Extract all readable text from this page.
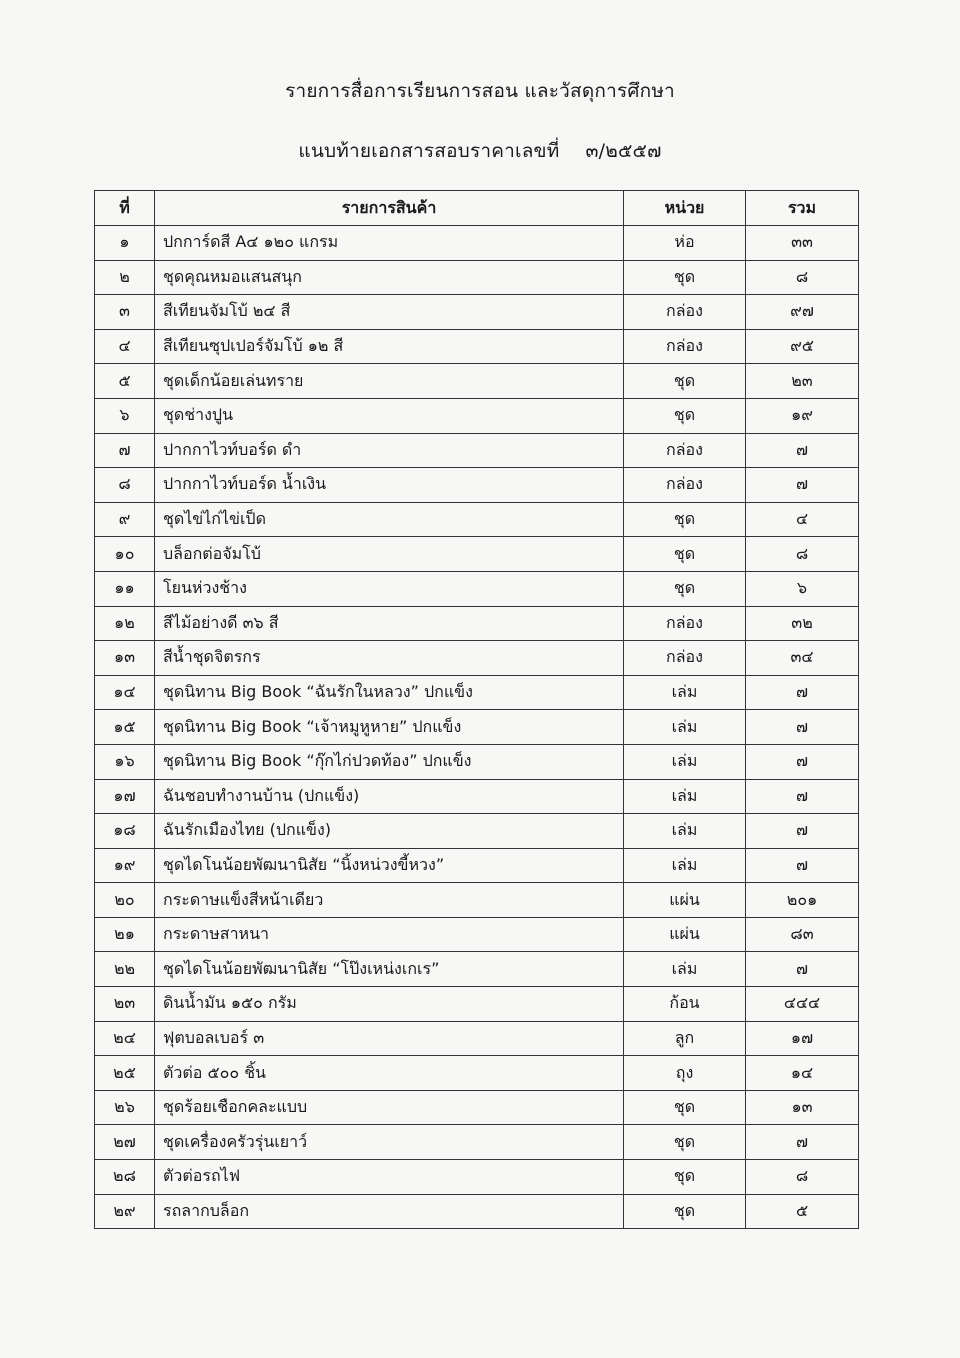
รายการสื่อการเรียนการสอน และวัสดุการศึกษา
แนบท้ายเอกสารสอบราคาเลขที่ ๓/๒๕๕๗
ที่	รายการสินค้า	หน่วย	รวม
๑	ปกการ์ดสี A๔ ๑๒๐ แกรม	ห่อ	๓๓
๒	ชุดคุณหมอแสนสนุก	ชุด	๘
๓	สีเทียนจัมโบ้ ๒๔ สี	กล่อง	๙๗
๔	สีเทียนซุปเปอร์จัมโบ้ ๑๒ สี	กล่อง	๙๕
๕	ชุดเด็กน้อยเล่นทราย	ชุด	๒๓
๖	ชุดช่างปูน	ชุด	๑๙
๗	ปากกาไวท์บอร์ด ดำ	กล่อง	๗
๘	ปากกาไวท์บอร์ด น้ำเงิน	กล่อง	๗
๙	ชุดไข่ไก่ไข่เป็ด	ชุด	๔
๑๐	บล็อกต่อจัมโบ้	ชุด	๘
๑๑	โยนห่วงช้าง	ชุด	๖
๑๒	สีไม้อย่างดี ๓๖ สี	กล่อง	๓๒
๑๓	สีน้ำชุดจิตรกร	กล่อง	๓๔
๑๔	ชุดนิทาน Big Book “ฉันรักในหลวง” ปกแข็ง	เล่ม	๗
๑๕	ชุดนิทาน Big Book “เจ้าหมูหูหาย” ปกแข็ง	เล่ม	๗
๑๖	ชุดนิทาน Big Book “กุ๊กไก่ปวดท้อง” ปกแข็ง	เล่ม	๗
๑๗	ฉันชอบทำงานบ้าน (ปกแข็ง)	เล่ม	๗
๑๘	ฉันรักเมืองไทย (ปกแข็ง)	เล่ม	๗
๑๙	ชุดไดโนน้อยพัฒนานิสัย “นิ้งหน่วงขี้หวง”	เล่ม	๗
๒๐	กระดาษแข็งสีหน้าเดียว	แผ่น	๒๐๑
๒๑	กระดาษสาหนา	แผ่น	๘๓
๒๒	ชุดไดโนน้อยพัฒนานิสัย “โป๊งเหน่งเกเร”	เล่ม	๗
๒๓	ดินน้ำมัน ๑๕๐ กรัม	ก้อน	๔๔๔
๒๔	ฟุตบอลเบอร์ ๓	ลูก	๑๗
๒๕	ตัวต่อ ๕๐๐ ชิ้น	ถุง	๑๔
๒๖	ชุดร้อยเชือกคละแบบ	ชุด	๑๓
๒๗	ชุดเครื่องครัวรุ่นเยาว์	ชุด	๗
๒๘	ตัวต่อรถไฟ	ชุด	๘
๒๙	รถลากบล็อก	ชุด	๕
